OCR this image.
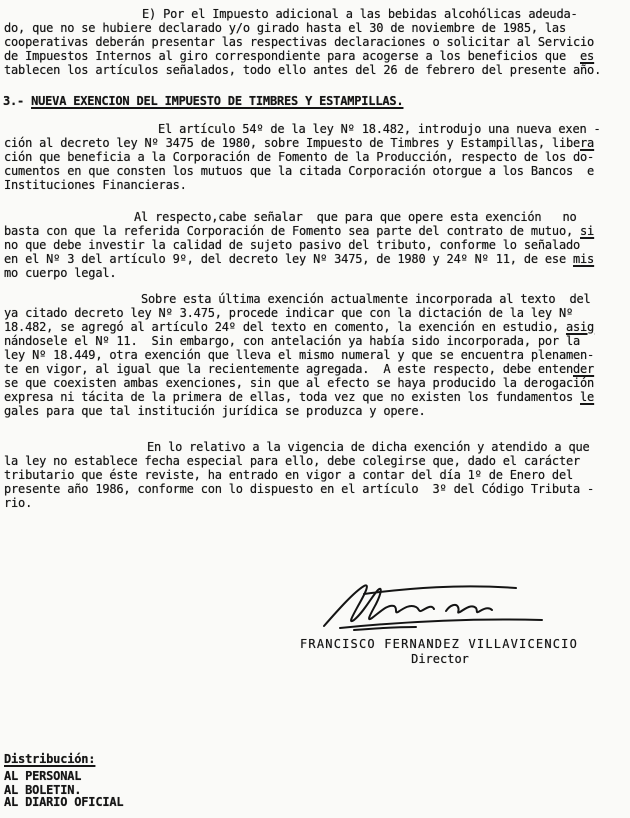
E) Por el Impuesto adicional a las bebidas alcohólicas adeuda-
do, que no se hubiere declarado y/o girado hasta el 30 de noviembre de 1985, las
cooperativas deberán presentar las respectivas declaraciones o solicitar al Servicio
de Impuestos Internos al giro correspondiente para acogerse a los beneficios que  es
tablecen los artículos señalados, todo ello antes del 26 de febrero del presente año.
3.- NUEVA EXENCION DEL IMPUESTO DE TIMBRES Y ESTAMPILLAS.
El artículo 54º de la ley Nº 18.482, introdujo una nueva exen -
ción al decreto ley Nº 3475 de 1980, sobre Impuesto de Timbres y Estampillas, libera
ción que beneficia a la Corporación de Fomento de la Producción, respecto de los do-
cumentos en que consten los mutuos que la citada Corporación otorgue a los Bancos  e
Instituciones Financieras.
Al respecto,cabe señalar  que para que opere esta exención   no
basta con que la referida Corporación de Fomento sea parte del contrato de mutuo, si
no que debe investir la calidad de sujeto pasivo del tributo, conforme lo señalado
en el Nº 3 del artículo 9º, del decreto ley Nº 3475, de 1980 y 24º Nº 11, de ese mis
mo cuerpo legal.
Sobre esta última exención actualmente incorporada al texto  del
ya citado decreto ley Nº 3.475, procede indicar que con la dictación de la ley Nº
18.482, se agregó al artículo 24º del texto en comento, la exención en estudio, asig
nándosele el Nº 11.  Sin embargo, con antelación ya había sido incorporada, por la
ley Nº 18.449, otra exención que lleva el mismo numeral y que se encuentra plenamen-
te en vigor, al igual que la recientemente agregada.  A este respecto, debe entender
se que coexisten ambas exenciones, sin que al efecto se haya producido la derogación
expresa ni tácita de la primera de ellas, toda vez que no existen los fundamentos le
gales para que tal institución jurídica se produzca y opere.
En lo relativo a la vigencia de dicha exención y atendido a que
la ley no establece fecha especial para ello, debe colegirse que, dado el carácter
tributario que éste reviste, ha entrado en vigor a contar del día 1º de Enero del
presente año 1986, conforme con lo dispuesto en el artículo  3º del Código Tributa -
rio.
FRANCISCO FERNANDEZ VILLAVICENCIO
Director
Distribución:
AL PERSONAL
AL BOLETIN.
AL DIARIO OFICIAL
